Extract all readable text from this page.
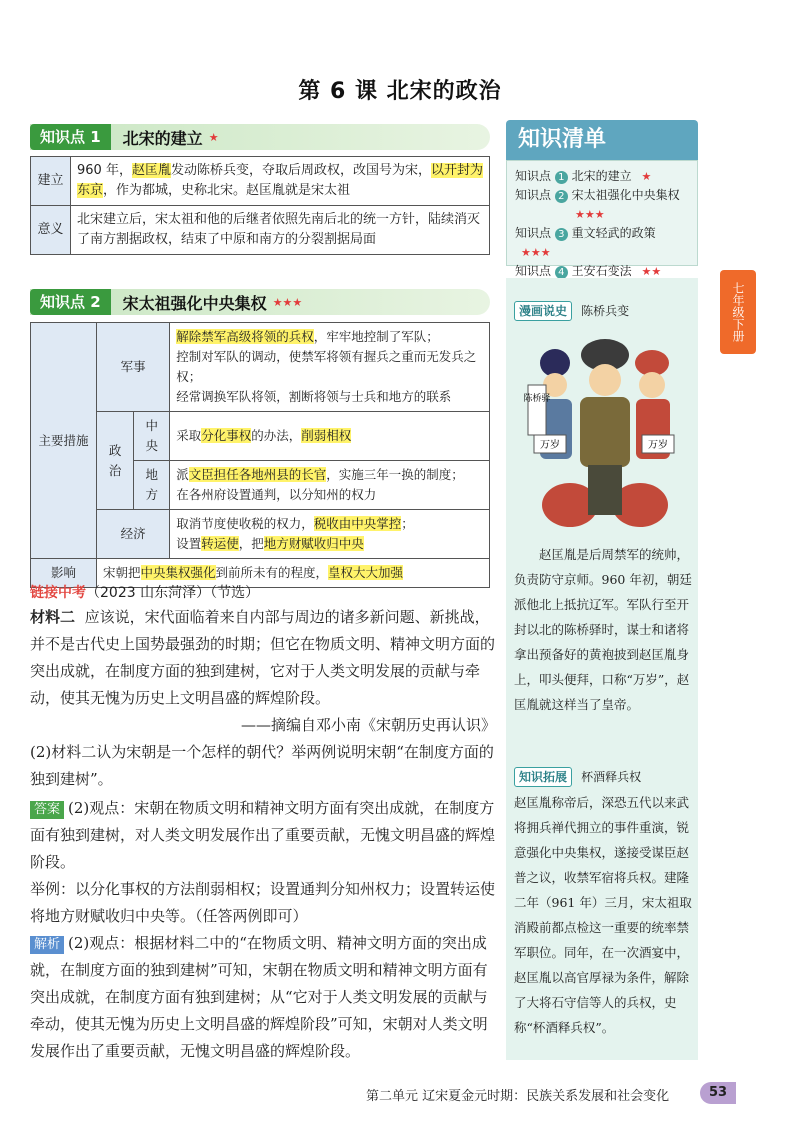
第 6 课 北宋的政治
知识点 1	北宋的建立 ★
建立	960 年，赵匡胤发动陈桥兵变，夺取后周政权，改国号为宋，以开封为东京，作为都城，史称北宋。赵匡胤就是宋太祖
意义	北宋建立后，宋太祖和他的后继者依照先南后北的统一方针，陆续消灭了南方割据政权，结束了中原和南方的分裂割据局面
知识点 2	宋太祖强化中央集权 ★★★
主要措施	军事		解除禁军高级将领的兵权，牢牢地控制了军队；
控制对军队的调动，使禁军将领有握兵之重而无发兵之权；
经常调换军队将领，割断将领与士兵和地方的联系
	政治	中央	采取分化事权的办法，削弱相权
		地方	派文臣担任各地州县的长官，实施三年一换的制度；
在各州府设置通判，以分知州的权力
	经济		取消节度使收税的权力，税收由中央掌控；
设置转运使，把地方财赋收归中央
影响	宋朝把中央集权强化到前所未有的程度，皇权大大加强		
链接中考（2023 山东菏泽）（节选）
材料二 应该说，宋代面临着来自内部与周边的诸多新问题、新挑战，并不是古代史上国势最强劲的时期；但它在物质文明、精神文明方面的突出成就，在制度方面的独到建树，它对于人类文明发展的贡献与牵动，使其无愧为历史上文明昌盛的辉煌阶段。
——摘编自邓小南《宋朝历史再认识》
(2)材料二认为宋朝是一个怎样的朝代？举两例说明宋朝“在制度方面的独到建树”。
答案 (2)观点：宋朝在物质文明和精神文明方面有突出成就，在制度方面有独到建树，对人类文明发展作出了重要贡献，无愧文明昌盛的辉煌阶段。
举例：以分化事权的方法削弱相权；设置通判分知州权力；设置转运使将地方财赋收归中央等。（任答两例即可）
解析 (2)观点：根据材料二中的“在物质文明、精神文明方面的突出成就，在制度方面的独到建树”可知，宋朝在物质文明和精神文明方面有突出成就，在制度方面有独到建树；从“它对于人类文明发展的贡献与牵动，使其无愧为历史上文明昌盛的辉煌阶段”可知，宋朝对人类文明发展作出了重要贡献，无愧文明昌盛的辉煌阶段。
知识清单
知识点 1 北宋的建立 ★
知识点 2 宋太祖强化中央集权
★★★
知识点 3 重文轻武的政策 ★★★
知识点 4 王安石变法 ★★
漫画说史 陈桥兵变
陈桥驿
万岁	万岁
赵匡胤是后周禁军的统帅，负责防守京师。960 年初，朝廷派他北上抵抗辽军。军队行至开封以北的陈桥驿时，谋士和诸将拿出预备好的黄袍披到赵匡胤身上，叩头便拜，口称“万岁”，赵匡胤就这样当了皇帝。
知识拓展 杯酒释兵权
赵匡胤称帝后，深恐五代以来武将拥兵禅代拥立的事件重演，锐意强化中央集权，遂接受谋臣赵普之议，收禁军宿将兵权。建隆二年（961 年）三月，宋太祖取消殿前都点检这一重要的统率禁军职位。同年，在一次酒宴中，赵匡胤以高官厚禄为条件，解除了大将石守信等人的兵权，史称“杯酒释兵权”。
七年级下册
第二单元 辽宋夏金元时期：民族关系发展和社会变化	53
